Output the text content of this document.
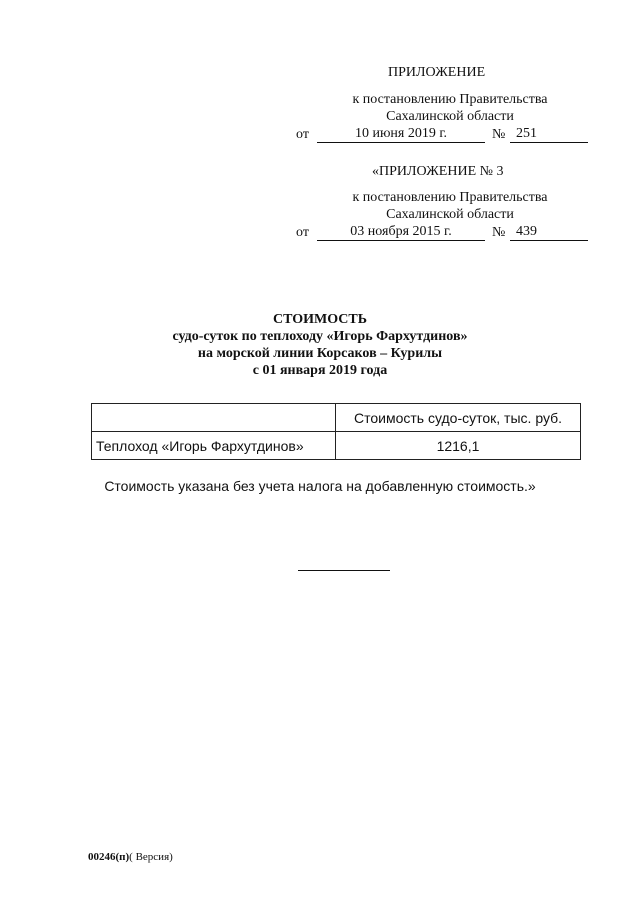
ПРИЛОЖЕНИЕ
к постановлению Правительства
Сахалинской области
от	10 июня 2019 г.	№ 251
«ПРИЛОЖЕНИЕ № 3
к постановлению Правительства
Сахалинской области
от	03 ноября 2015 г.	№ 439
СТОИМОСТЬ
судо-суток по теплоходу «Игорь Фархутдинов»
на морской линии Корсаков – Курилы
с 01 января 2019 года
	Стоимость судо-суток, тыс. руб.
Теплоход «Игорь Фархутдинов»	1216,1
Стоимость указана без учета налога на добавленную стоимость.»
00246(п)( Версия)
